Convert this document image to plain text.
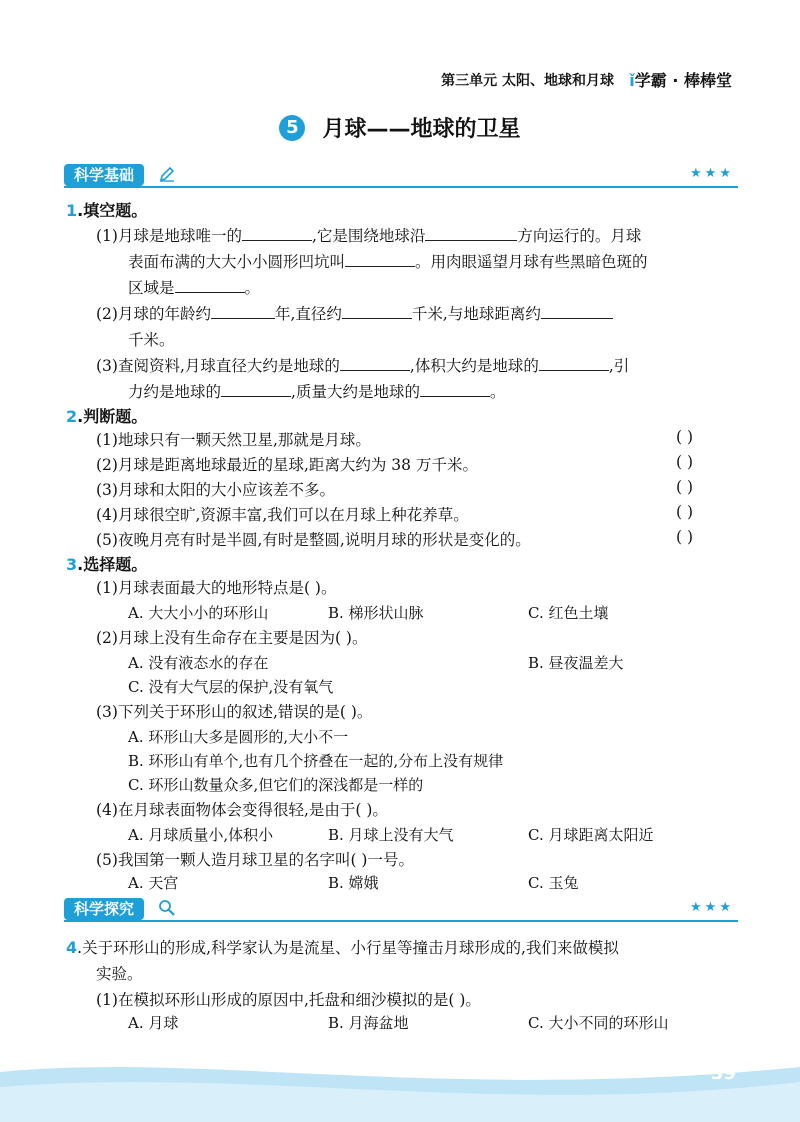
第三单元 太阳、地球和月球 ǐ学霸 · 棒棒堂
5 月球——地球的卫星
科学基础	★★★
1.填空题。
(1)月球是地球唯一的	,它是围绕地球沿	方向运行的。月球
表面布满的大大小小圆形凹坑叫	。用肉眼遥望月球有些黑暗色斑的
区域是	。
(2)月球的年龄约	年,直径约	千米,与地球距离约
千米。
(3)查阅资料,月球直径大约是地球的	,体积大约是地球的	,引
力约是地球的	,质量大约是地球的	。
2.判断题。
(1)地球只有一颗天然卫星,那就是月球。	( )
(2)月球是距离地球最近的星球,距离大约为 38 万千米。	( )
(3)月球和太阳的大小应该差不多。	( )
(4)月球很空旷,资源丰富,我们可以在月球上种花养草。	( )
(5)夜晚月亮有时是半圆,有时是整圆,说明月球的形状是变化的。	( )
3.选择题。
(1)月球表面最大的地形特点是( )。
A. 大大小小的环形山	B. 梯形状山脉	C. 红色土壤
(2)月球上没有生命存在主要是因为( )。
A. 没有液态水的存在	B. 昼夜温差大
C. 没有大气层的保护,没有氧气
(3)下列关于环形山的叙述,错误的是( )。
A. 环形山大多是圆形的,大小不一
B. 环形山有单个,也有几个挤叠在一起的,分布上没有规律
C. 环形山数量众多,但它们的深浅都是一样的
(4)在月球表面物体会变得很轻,是由于( )。
A. 月球质量小,体积小	B. 月球上没有大气	C. 月球距离太阳近
(5)我国第一颗人造月球卫星的名字叫( )一号。
A. 天宫	B. 嫦娥	C. 玉兔
科学探究	★★★
4.关于环形山的形成,科学家认为是流星、小行星等撞击月球形成的,我们来做模拟
实验。
(1)在模拟环形山形成的原因中,托盘和细沙模拟的是( )。
A. 月球	B. 月海盆地	C. 大小不同的环形山
39
